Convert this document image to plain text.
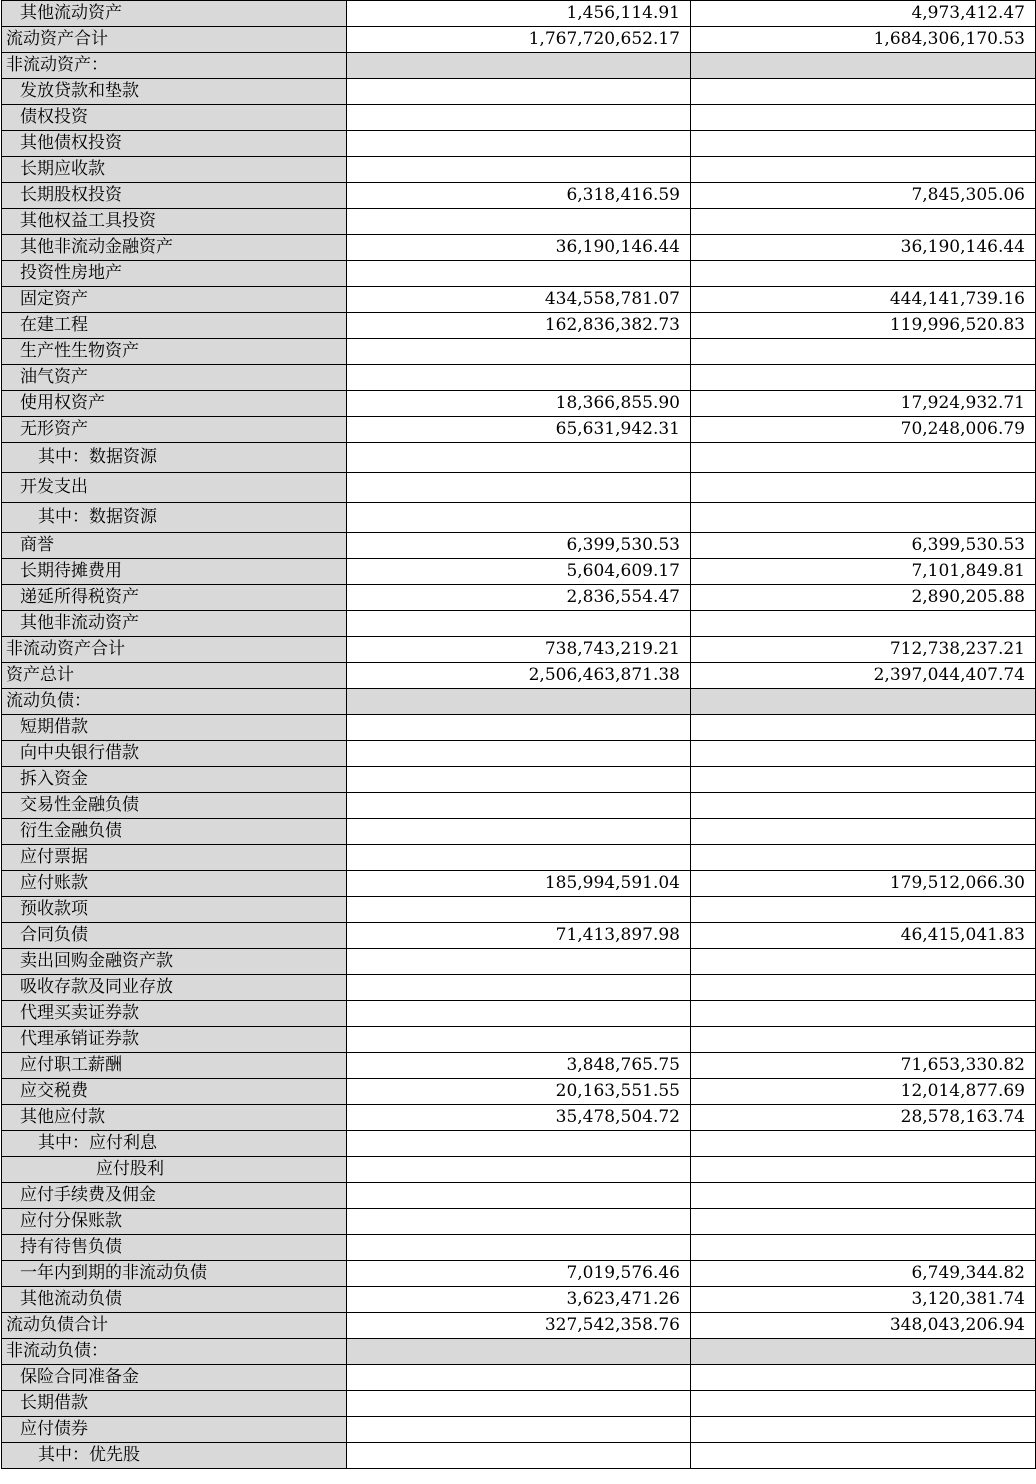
其他流动资产	1,456,114.91	4,973,412.47
流动资产合计	1,767,720,652.17	1,684,306,170.53
非流动资产：		
发放贷款和垫款		
债权投资		
其他债权投资		
长期应收款		
长期股权投资	6,318,416.59	7,845,305.06
其他权益工具投资		
其他非流动金融资产	36,190,146.44	36,190,146.44
投资性房地产		
固定资产	434,558,781.07	444,141,739.16
在建工程	162,836,382.73	119,996,520.83
生产性生物资产		
油气资产		
使用权资产	18,366,855.90	17,924,932.71
无形资产	65,631,942.31	70,248,006.79
其中：数据资源		
开发支出		
其中：数据资源		
商誉	6,399,530.53	6,399,530.53
长期待摊费用	5,604,609.17	7,101,849.81
递延所得税资产	2,836,554.47	2,890,205.88
其他非流动资产		
非流动资产合计	738,743,219.21	712,738,237.21
资产总计	2,506,463,871.38	2,397,044,407.74
流动负债：		
短期借款		
向中央银行借款		
拆入资金		
交易性金融负债		
衍生金融负债		
应付票据		
应付账款	185,994,591.04	179,512,066.30
预收款项		
合同负债	71,413,897.98	46,415,041.83
卖出回购金融资产款		
吸收存款及同业存放		
代理买卖证券款		
代理承销证券款		
应付职工薪酬	3,848,765.75	71,653,330.82
应交税费	20,163,551.55	12,014,877.69
其他应付款	35,478,504.72	28,578,163.74
其中：应付利息		
应付股利		
应付手续费及佣金		
应付分保账款		
持有待售负债		
一年内到期的非流动负债	7,019,576.46	6,749,344.82
其他流动负债	3,623,471.26	3,120,381.74
流动负债合计	327,542,358.76	348,043,206.94
非流动负债：		
保险合同准备金		
长期借款		
应付债券		
其中：优先股		
